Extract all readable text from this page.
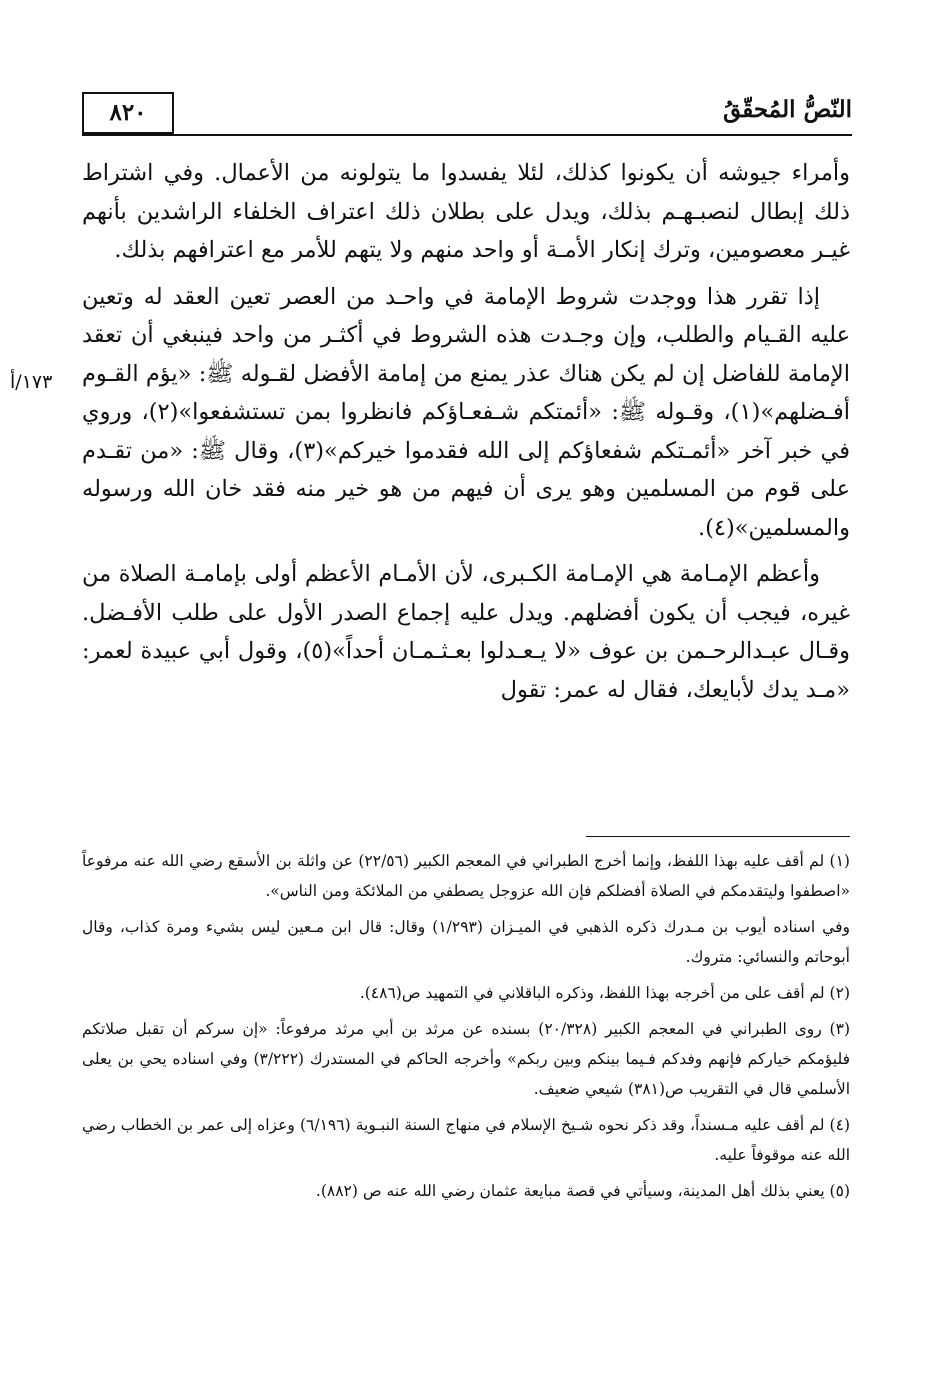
٨٢٠	النّصُّ المُحقّقُ
١٧٣/أ

وأمراء جيوشه أن يكونوا كذلك، لئلا يفسدوا ما يتولونه من الأعمال. وفي اشتراط ذلك إبطال لنصبـهـم بذلك، ويدل على بطلان ذلك اعتراف الخلفاء الراشدين بأنهم غيـر معصومين، وترك إنكار الأمـة أو واحد منهم ولا يتهم للأمر مع اعترافهم بذلك.

إذا تقرر هذا ووجدت شروط الإمامة في واحـد من العصر تعين العقد له وتعين عليه القـيام والطلب، وإن وجـدت هذه الشروط في أكثـر من واحد فينبغي أن تعقد الإمامة للفاضل إن لم يكن هناك عذر يمنع من إمامة الأفضل لقـوله ﷺ: «يؤم القـوم أفـضلهم»(١)، وقـوله ﷺ: «أئمتكم شـفعـاؤكم فانظروا بمن تستشفعوا»(٢)، وروي في خبر آخر «أئمـتكم شفعاؤكم إلى الله فقدموا خيركم»(٣)، وقال ﷺ: «من تقـدم على قوم من المسلمين وهو يرى أن فيهم من هو خير منه فقد خان الله ورسوله والمسلمين»(٤).

وأعظم الإمـامة هي الإمـامة الكـبرى، لأن الأمـام الأعظم أولى بإمامـة الصلاة من غيره، فيجب أن يكون أفضلهم. ويدل عليه إجماع الصدر الأول على طلب الأفـضل. وقـال عبـدالرحـمن بن عوف «لا يـعـدلوا بعـثـمـان أحداً»(٥)، وقول أبي عبيدة لعمر: «مـد يدك لأبايعك، فقال له عمر: تقول

(١) لم أقف عليه بهذا اللفظ، وإنما أخرج الطبراني في المعجم الكبير (٢٢/٥٦) عن واثلة بن الأسقع رضي الله عنه مرفوعاً «اصطفوا وليتقدمكم في الصلاة أفضلكم فإن الله عزوجل يصطفي من الملائكة ومن الناس».

وفي اسناده أيوب بن مـدرك ذكره الذهبي في الميـزان (١/٢٩٣) وقال: قال ابن مـعين ليس بشيء ومرة كذاب، وقال أبوحاتم والنسائي: متروك.

(٢) لم أقف على من أخرجه بهذا اللفظ، وذكره الباقلاني في التمهيد ص(٤٨٦).

(٣) روى الطبراني في المعجم الكبير (٢٠/٣٢٨) بسنده عن مرثد بن أبي مرثد مرفوعاً: «إن سركم أن تقبل صلاتكم فليؤمكم خياركم فإنهم وفدكم فـيما بينكم وبين ربكم» وأخرجه الحاكم في المستدرك (٣/٢٢٢) وفي اسناده يحي بن يعلى الأسلمي قال في التقريب ص(٣٨١) شيعي ضعيف.

(٤) لم أقف عليه مـسنداً، وقد ذكر نحوه شـيخ الإسلام في منهاج السنة النبـوية (٦/١٩٦) وعزاه إلى عمر بن الخطاب رضي الله عنه موقوفاً عليه.

(٥) يعني بذلك أهل المدينة، وسيأتي في قصة مبايعة عثمان رضي الله عنه ص (٨٨٢).
